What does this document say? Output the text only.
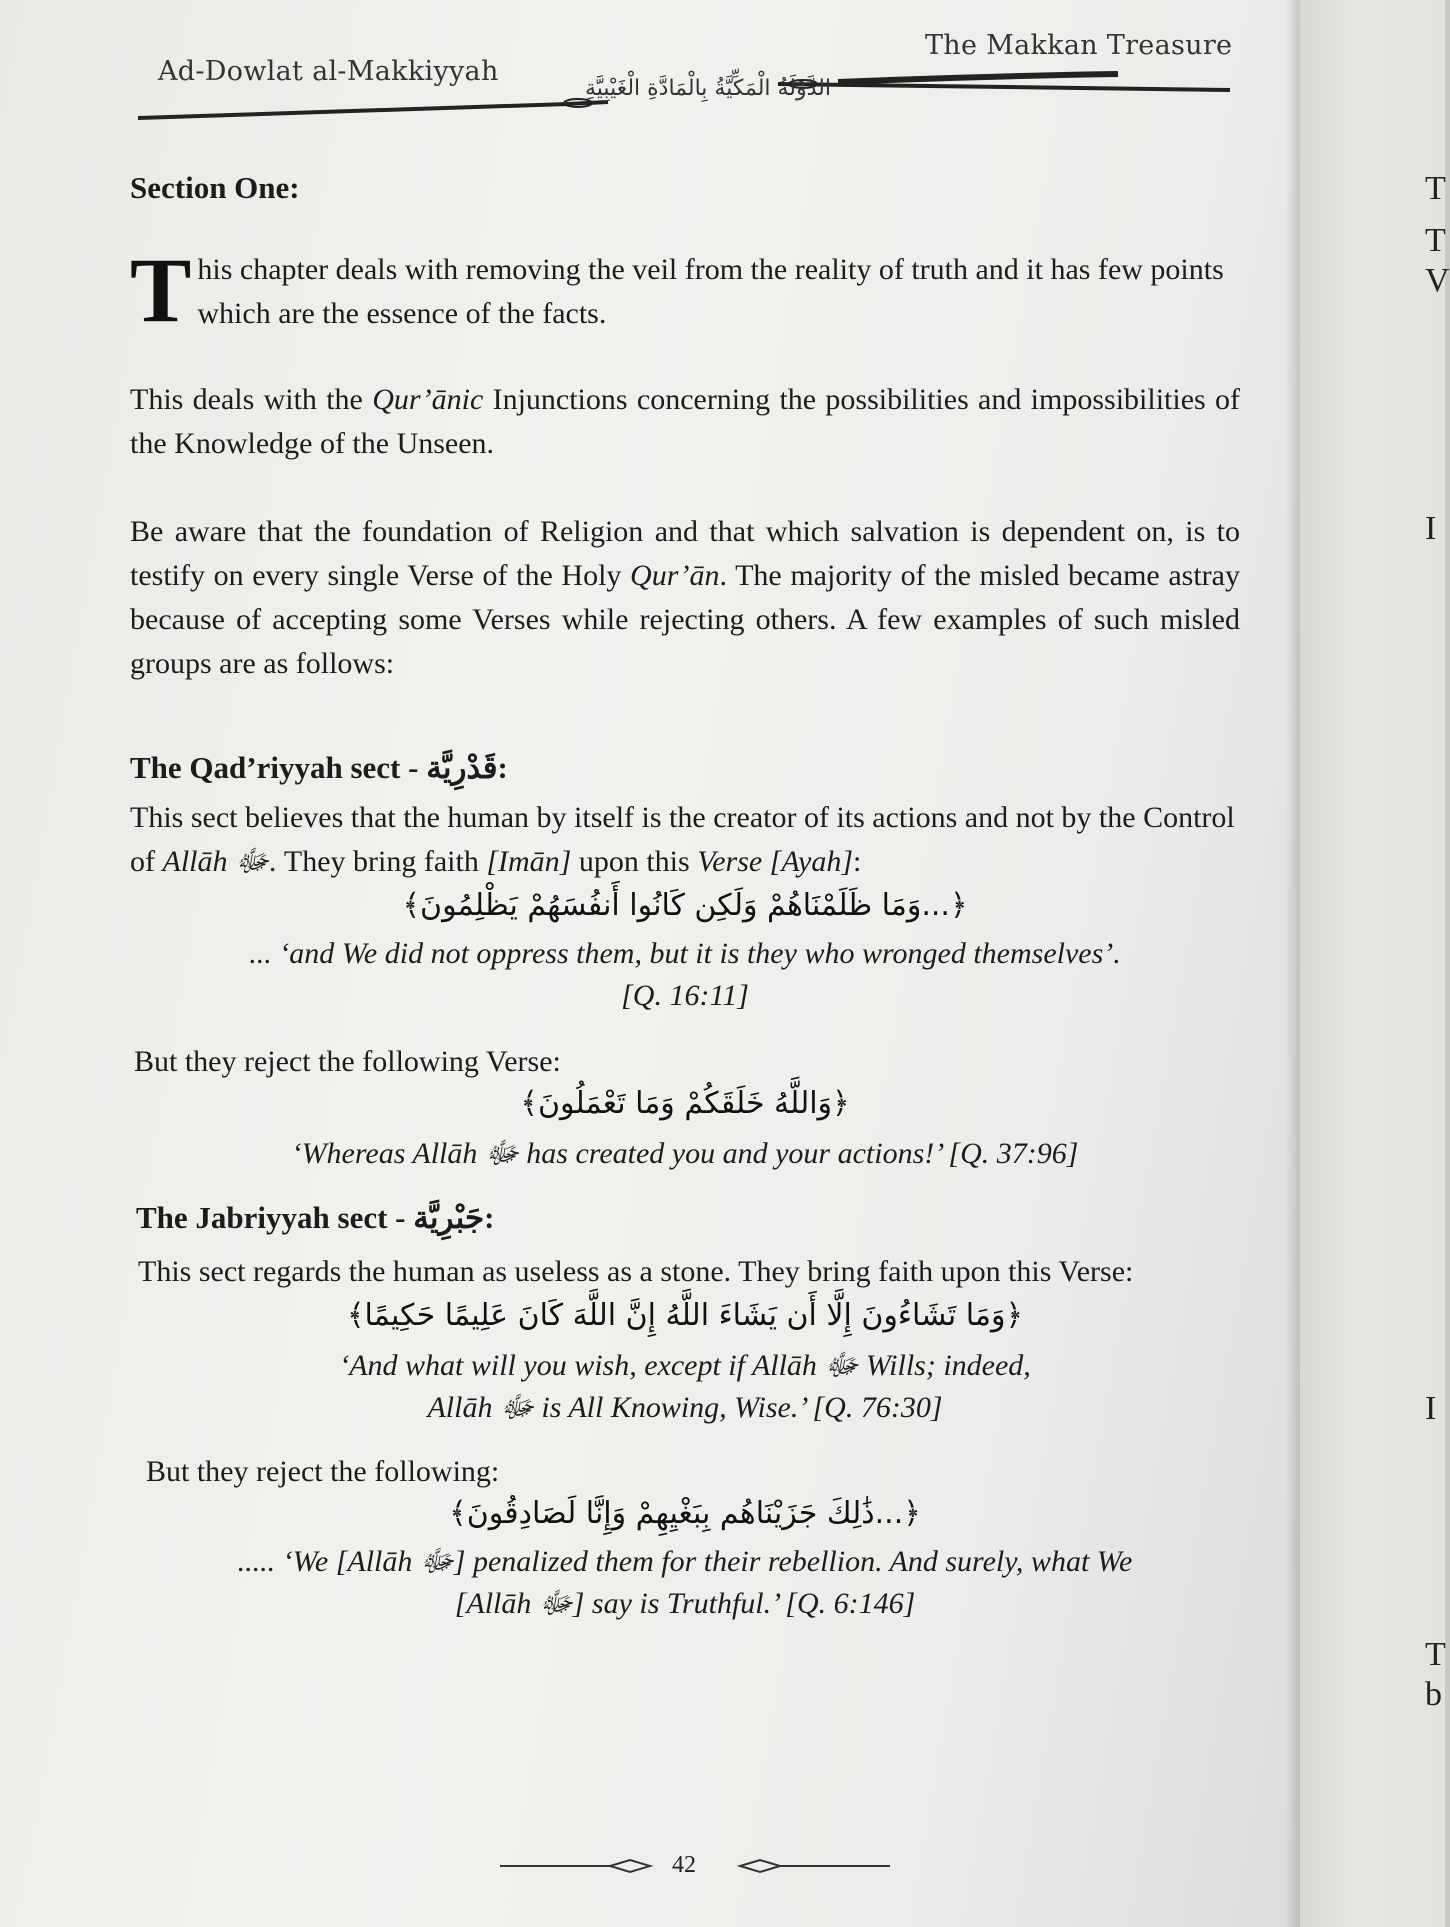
Ad-Dowlat al-Makkiyyah
The Makkan Treasure
الدَّوْلَةُ الْمَكِّيَّةُ بِالْمَادَّةِ الْغَيْبِيَّةِ

Section One:

T his chapter deals with removing the veil from the reality of truth and it has few points which are the essence of the facts.

This deals with the Qur’ānic Injunctions concerning the possibilities and impossibilities of the Knowledge of the Unseen.

Be aware that the foundation of Religion and that which salvation is dependent on, is to testify on every single Verse of the Holy Qur’ān. The majority of the misled became astray because of accepting some Verses while rejecting others. A few examples of such misled groups are as follows:

The Qad’riyyah sect - قَدْرِيَّة:

This sect believes that the human by itself is the creator of its actions and not by the Control of Allāh ﷻ. They bring faith [Imān] upon this Verse [Ayah]:

﴿...وَمَا ظَلَمْنَاهُمْ وَلَكِن كَانُوا أَنفُسَهُمْ يَظْلِمُونَ﴾
... ‘and We did not oppress them, but it is they who wronged themselves’.
[Q. 16:11]

But they reject the following Verse:

﴿وَاللَّهُ خَلَقَكُمْ وَمَا تَعْمَلُونَ﴾
‘Whereas Allāh ﷻ has created you and your actions!’ [Q. 37:96]

The Jabriyyah sect - جَبْرِيَّة:

This sect regards the human as useless as a stone. They bring faith upon this Verse:

﴿وَمَا تَشَاءُونَ إِلَّا أَن يَشَاءَ اللَّهُ إِنَّ اللَّهَ كَانَ عَلِيمًا حَكِيمًا﴾
‘And what will you wish, except if Allāh ﷻ Wills; indeed,
Allāh ﷻ is All Knowing, Wise.’ [Q. 76:30]

But they reject the following:

﴿...ذَٰلِكَ جَزَيْنَاهُم بِبَغْيِهِمْ وَإِنَّا لَصَادِقُونَ﴾
..... ‘We [Allāh ﷻ] penalized them for their rebellion. And surely, what We
[Allāh ﷻ] say is Truthful.’ [Q. 6:146]
42
T
T
V
I
I
T
b
